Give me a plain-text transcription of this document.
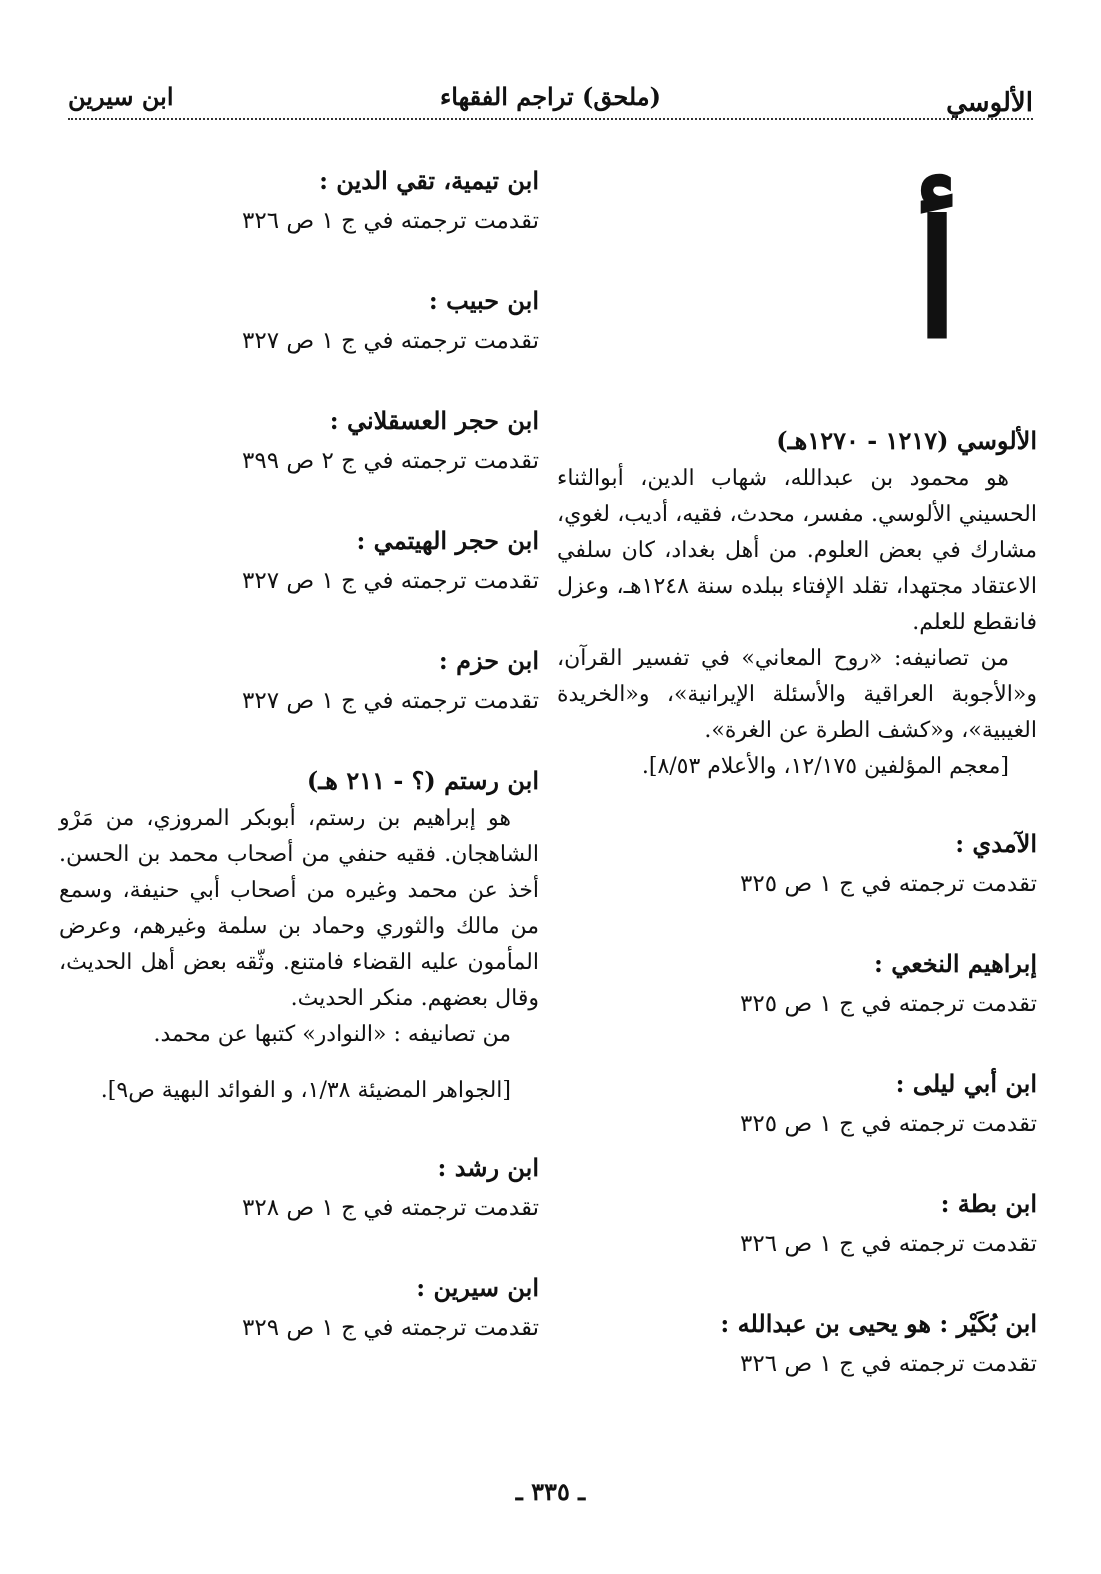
الألوسي
(ملحق) تراجم الفقهاء
ابن سيرين
أ
الألوسي (١٢١٧ - ١٢٧٠هـ)

هو محمود بن عبدالله، شهاب الدين، أبوالثناء الحسيني الألوسي. مفسر، محدث، فقيه، أديب، لغوي، مشارك في بعض العلوم. من أهل بغداد، كان سلفي الاعتقاد مجتهدا، تقلد الإفتاء ببلده سنة ١٢٤٨هـ، وعزل فانقطع للعلم.

من تصانيفه: «روح المعاني» في تفسير القرآن، و«الأجوبة العراقية والأسئلة الإيرانية»، و«الخريدة الغيبية»، و«كشف الطرة عن الغرة».

[معجم المؤلفين ١٢/١٧٥، والأعلام ٨/٥٣].

الآمدي :
تقدمت ترجمته في ج ١ ص ٣٢٥
إبراهيم النخعي :
تقدمت ترجمته في ج ١ ص ٣٢٥
ابن أبي ليلى :
تقدمت ترجمته في ج ١ ص ٣٢٥
ابن بطة :
تقدمت ترجمته في ج ١ ص ٣٢٦
ابن بُكَيْر : هو يحيى بن عبدالله :
تقدمت ترجمته في ج ١ ص ٣٢٦
ابن تيمية، تقي الدين :
تقدمت ترجمته في ج ١ ص ٣٢٦
ابن حبيب :
تقدمت ترجمته في ج ١ ص ٣٢٧
ابن حجر العسقلاني :
تقدمت ترجمته في ج ٢ ص ٣٩٩
ابن حجر الهيتمي :
تقدمت ترجمته في ج ١ ص ٣٢٧
ابن حزم :
تقدمت ترجمته في ج ١ ص ٣٢٧
ابن رستم (؟ - ٢١١ هـ)

هو إبراهيم بن رستم، أبوبكر المروزي، من مَرْو الشاهجان. فقيه حنفي من أصحاب محمد بن الحسن. أخذ عن محمد وغيره من أصحاب أبي حنيفة، وسمع من مالك والثوري وحماد بن سلمة وغيرهم، وعرض المأمون عليه القضاء فامتنع. وثّقه بعض أهل الحديث، وقال بعضهم. منكر الحديث.

من تصانيفه : «النوادر» كتبها عن محمد.

[الجواهر المضيئة ١/٣٨، و الفوائد البهية ص٩].

ابن رشد :
تقدمت ترجمته في ج ١ ص ٣٢٨
ابن سيرين :
تقدمت ترجمته في ج ١ ص ٣٢٩
ـ ٣٣٥ ـ
